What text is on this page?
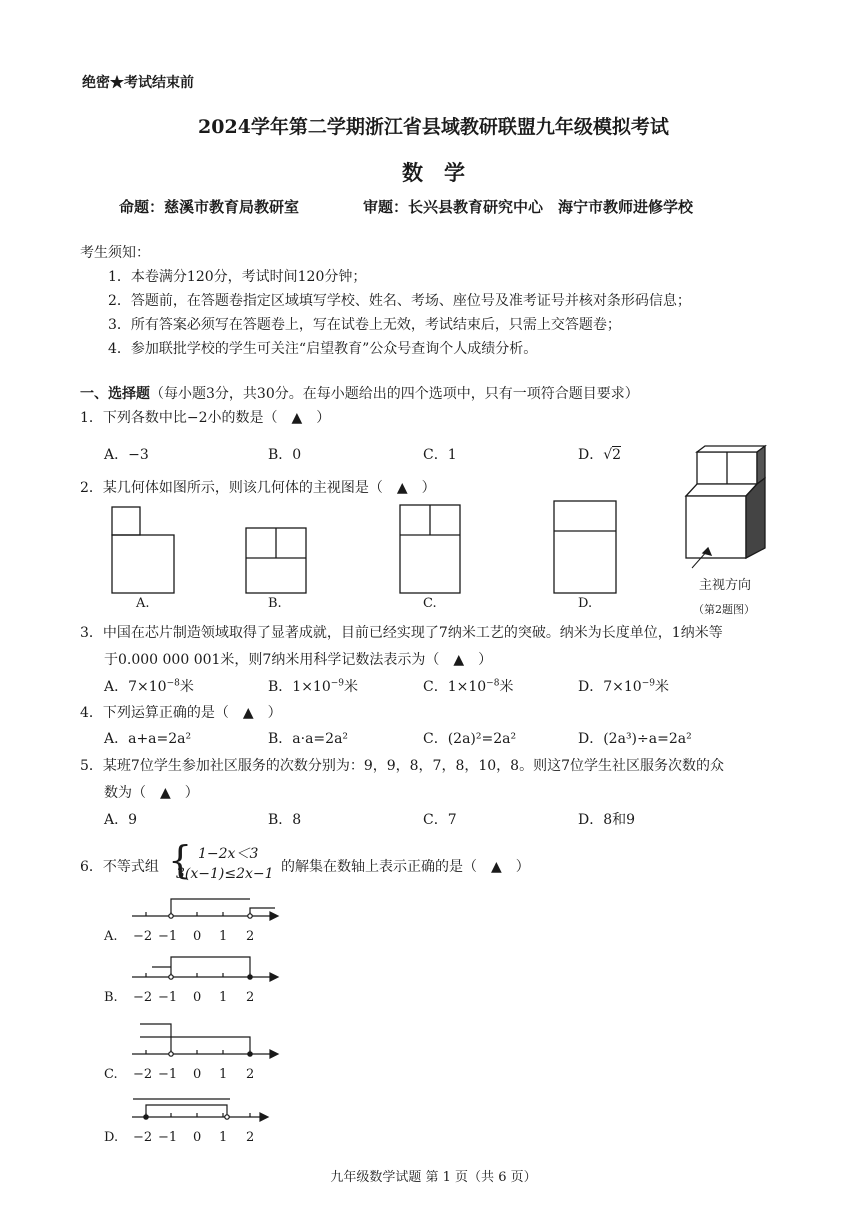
绝密★考试结束前
2024学年第二学期浙江省县域教研联盟九年级模拟考试
数　学
命题：慈溪市教育局教研室	审题：长兴县教育研究中心　海宁市教师进修学校
考生须知：
1．本卷满分120分，考试时间120分钟；
2．答题前，在答题卷指定区域填写学校、姓名、考场、座位号及准考证号并核对条形码信息；
3．所有答案必须写在答题卷上，写在试卷上无效，考试结束后，只需上交答题卷；
4．参加联批学校的学生可关注“启望教育”公众号查询个人成绩分析。
一、选择题（每小题3分，共30分。在每小题给出的四个选项中，只有一项符合题目要求）
1．下列各数中比−2小的数是（　▲　）
A．−3	B．0	C．1	D．√2
2．某几何体如图所示，则该几何体的主视图是（　▲　）
A.	B.	C.	D.
主视方向
（第2题图）
3．中国在芯片制造领域取得了显著成就，目前已经实现了7纳米工艺的突破。纳米为长度单位，1纳米等
于0.000 000 001米，则7纳米用科学记数法表示为（　▲　）
A．$7\times 10^{-8}$米	B．$1\times 10^{-9}$米	C．$1\times 10^{-8}$米	D．$7\times 10^{-9}$米
4．下列运算正确的是（　▲　）
A．a+a=2a²	B．a·a=2a²	C．(2a)²=2a²	D．(2a³)÷a=2a²
5．某班7位学生参加社区服务的次数分别为：9，9，8，7，8，10，8。则这7位学生社区服务次数的众
数为（　▲　）
A．9	B．8	C．7	D．8和9
6．不等式组 { 1−2x＜3
3(x−1)≤2x−1 的解集在数轴上表示正确的是（　▲　）
A.
B.
C.
D.
−2 −1 0 1 2
−2 −1 0 1 2
−2 −1 0 1 2
−2 −1 0 1 2
九年级数学试题 第 1 页（共 6 页）
